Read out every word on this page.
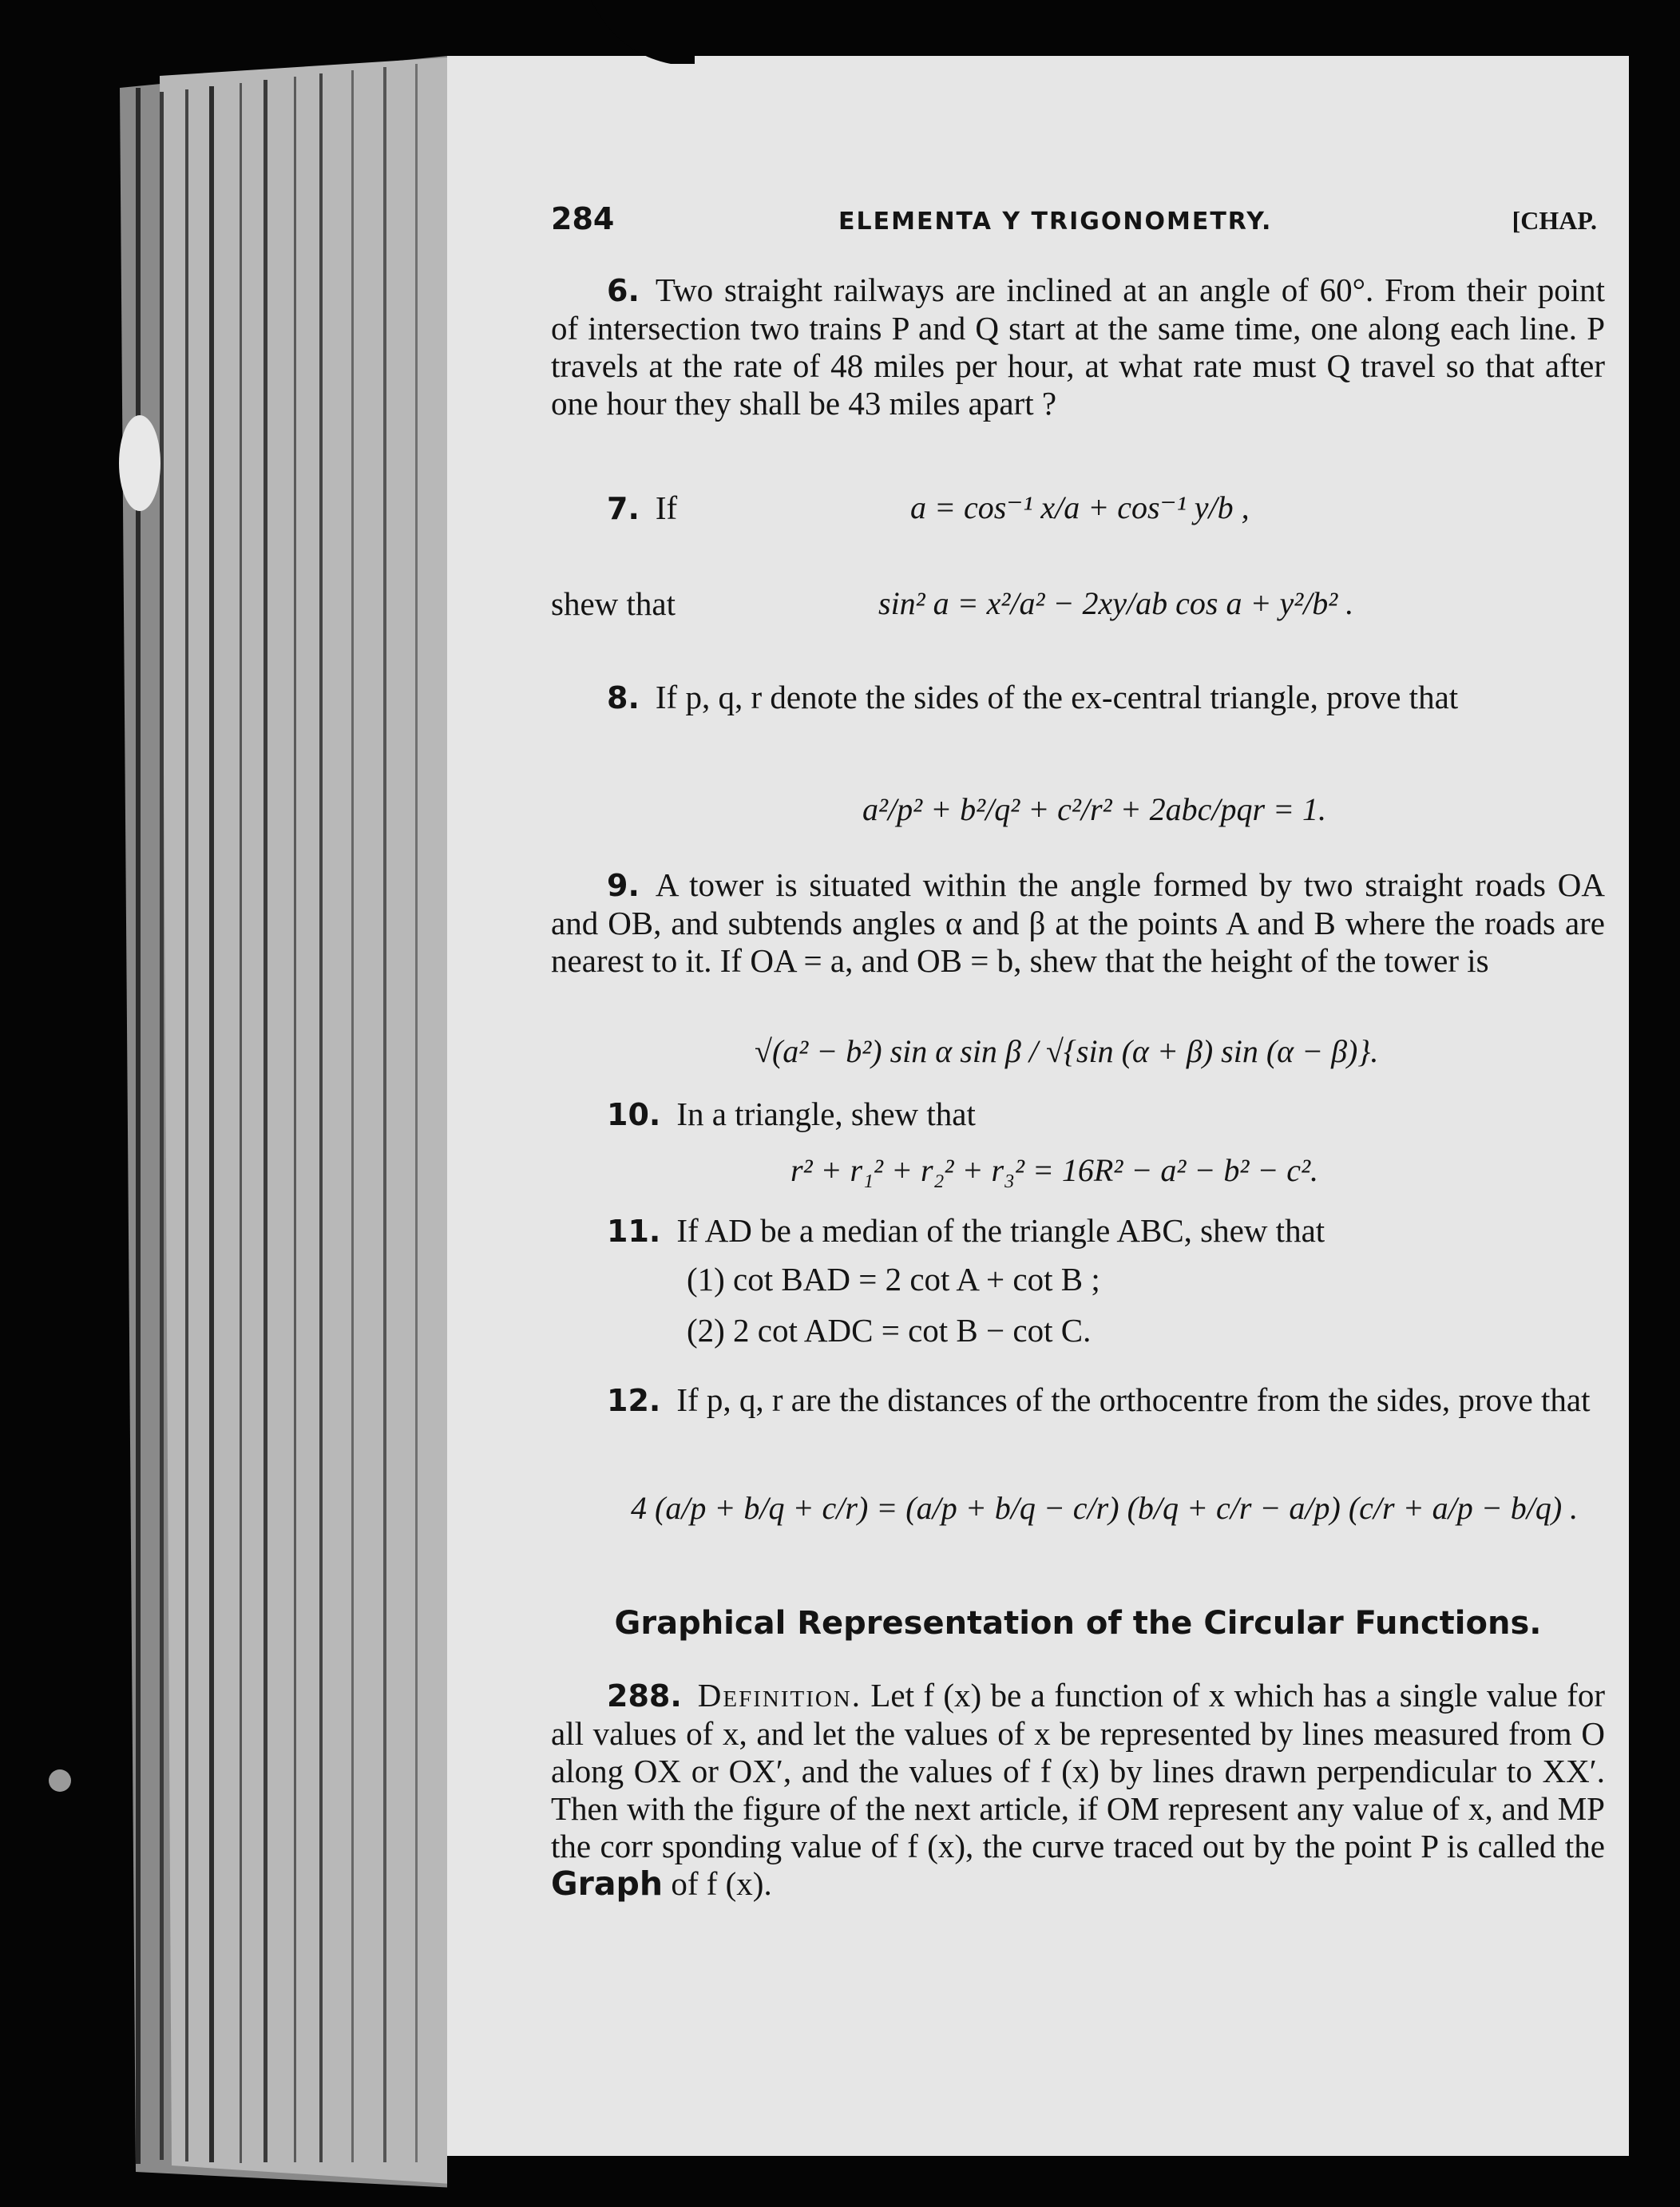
284	ELEMENTA Y TRIGONOMETRY.	[CHAP.
6. Two straight railways are inclined at an angle of 60°. From their point of intersection two trains P and Q start at the same time, one along each line. P travels at the rate of 48 miles per hour, at what rate must Q travel so that after one hour they shall be 43 miles apart ?
7. If	a = cos⁻¹ x/a + cos⁻¹ y/b ,
shew that	sin² a = x²/a² − 2xy/ab cos a + y²/b² .
8. If p, q, r denote the sides of the ex-central triangle, prove that
a²/p² + b²/q² + c²/r² + 2abc/pqr = 1.
9. A tower is situated within the angle formed by two straight roads OA and OB, and subtends angles α and β at the points A and B where the roads are nearest to it. If OA = a, and OB = b, shew that the height of the tower is
√(a² − b²) sin α sin β / √{sin (α + β) sin (α − β)}.
10. In a triangle, shew that
r² + r₁² + r₂² + r₃² = 16R² − a² − b² − c².
11. If AD be a median of the triangle ABC, shew that
(1) cot BAD = 2 cot A + cot B ;
(2) 2 cot ADC = cot B − cot C.
12. If p, q, r are the distances of the orthocentre from the sides, prove that
4 (a/p + b/q + c/r) = (a/p + b/q − c/r) (b/q + c/r − a/p) (c/r + a/p − b/q) .
Graphical Representation of the Circular Functions.
288. Definition. Let f (x) be a function of x which has a single value for all values of x, and let the values of x be represented by lines measured from O along OX or OX′, and the values of f (x) by lines drawn perpendicular to XX′. Then with the figure of the next article, if OM represent any value of x, and MP the corr sponding value of f (x), the curve traced out by the point P is called the Graph of f (x).
